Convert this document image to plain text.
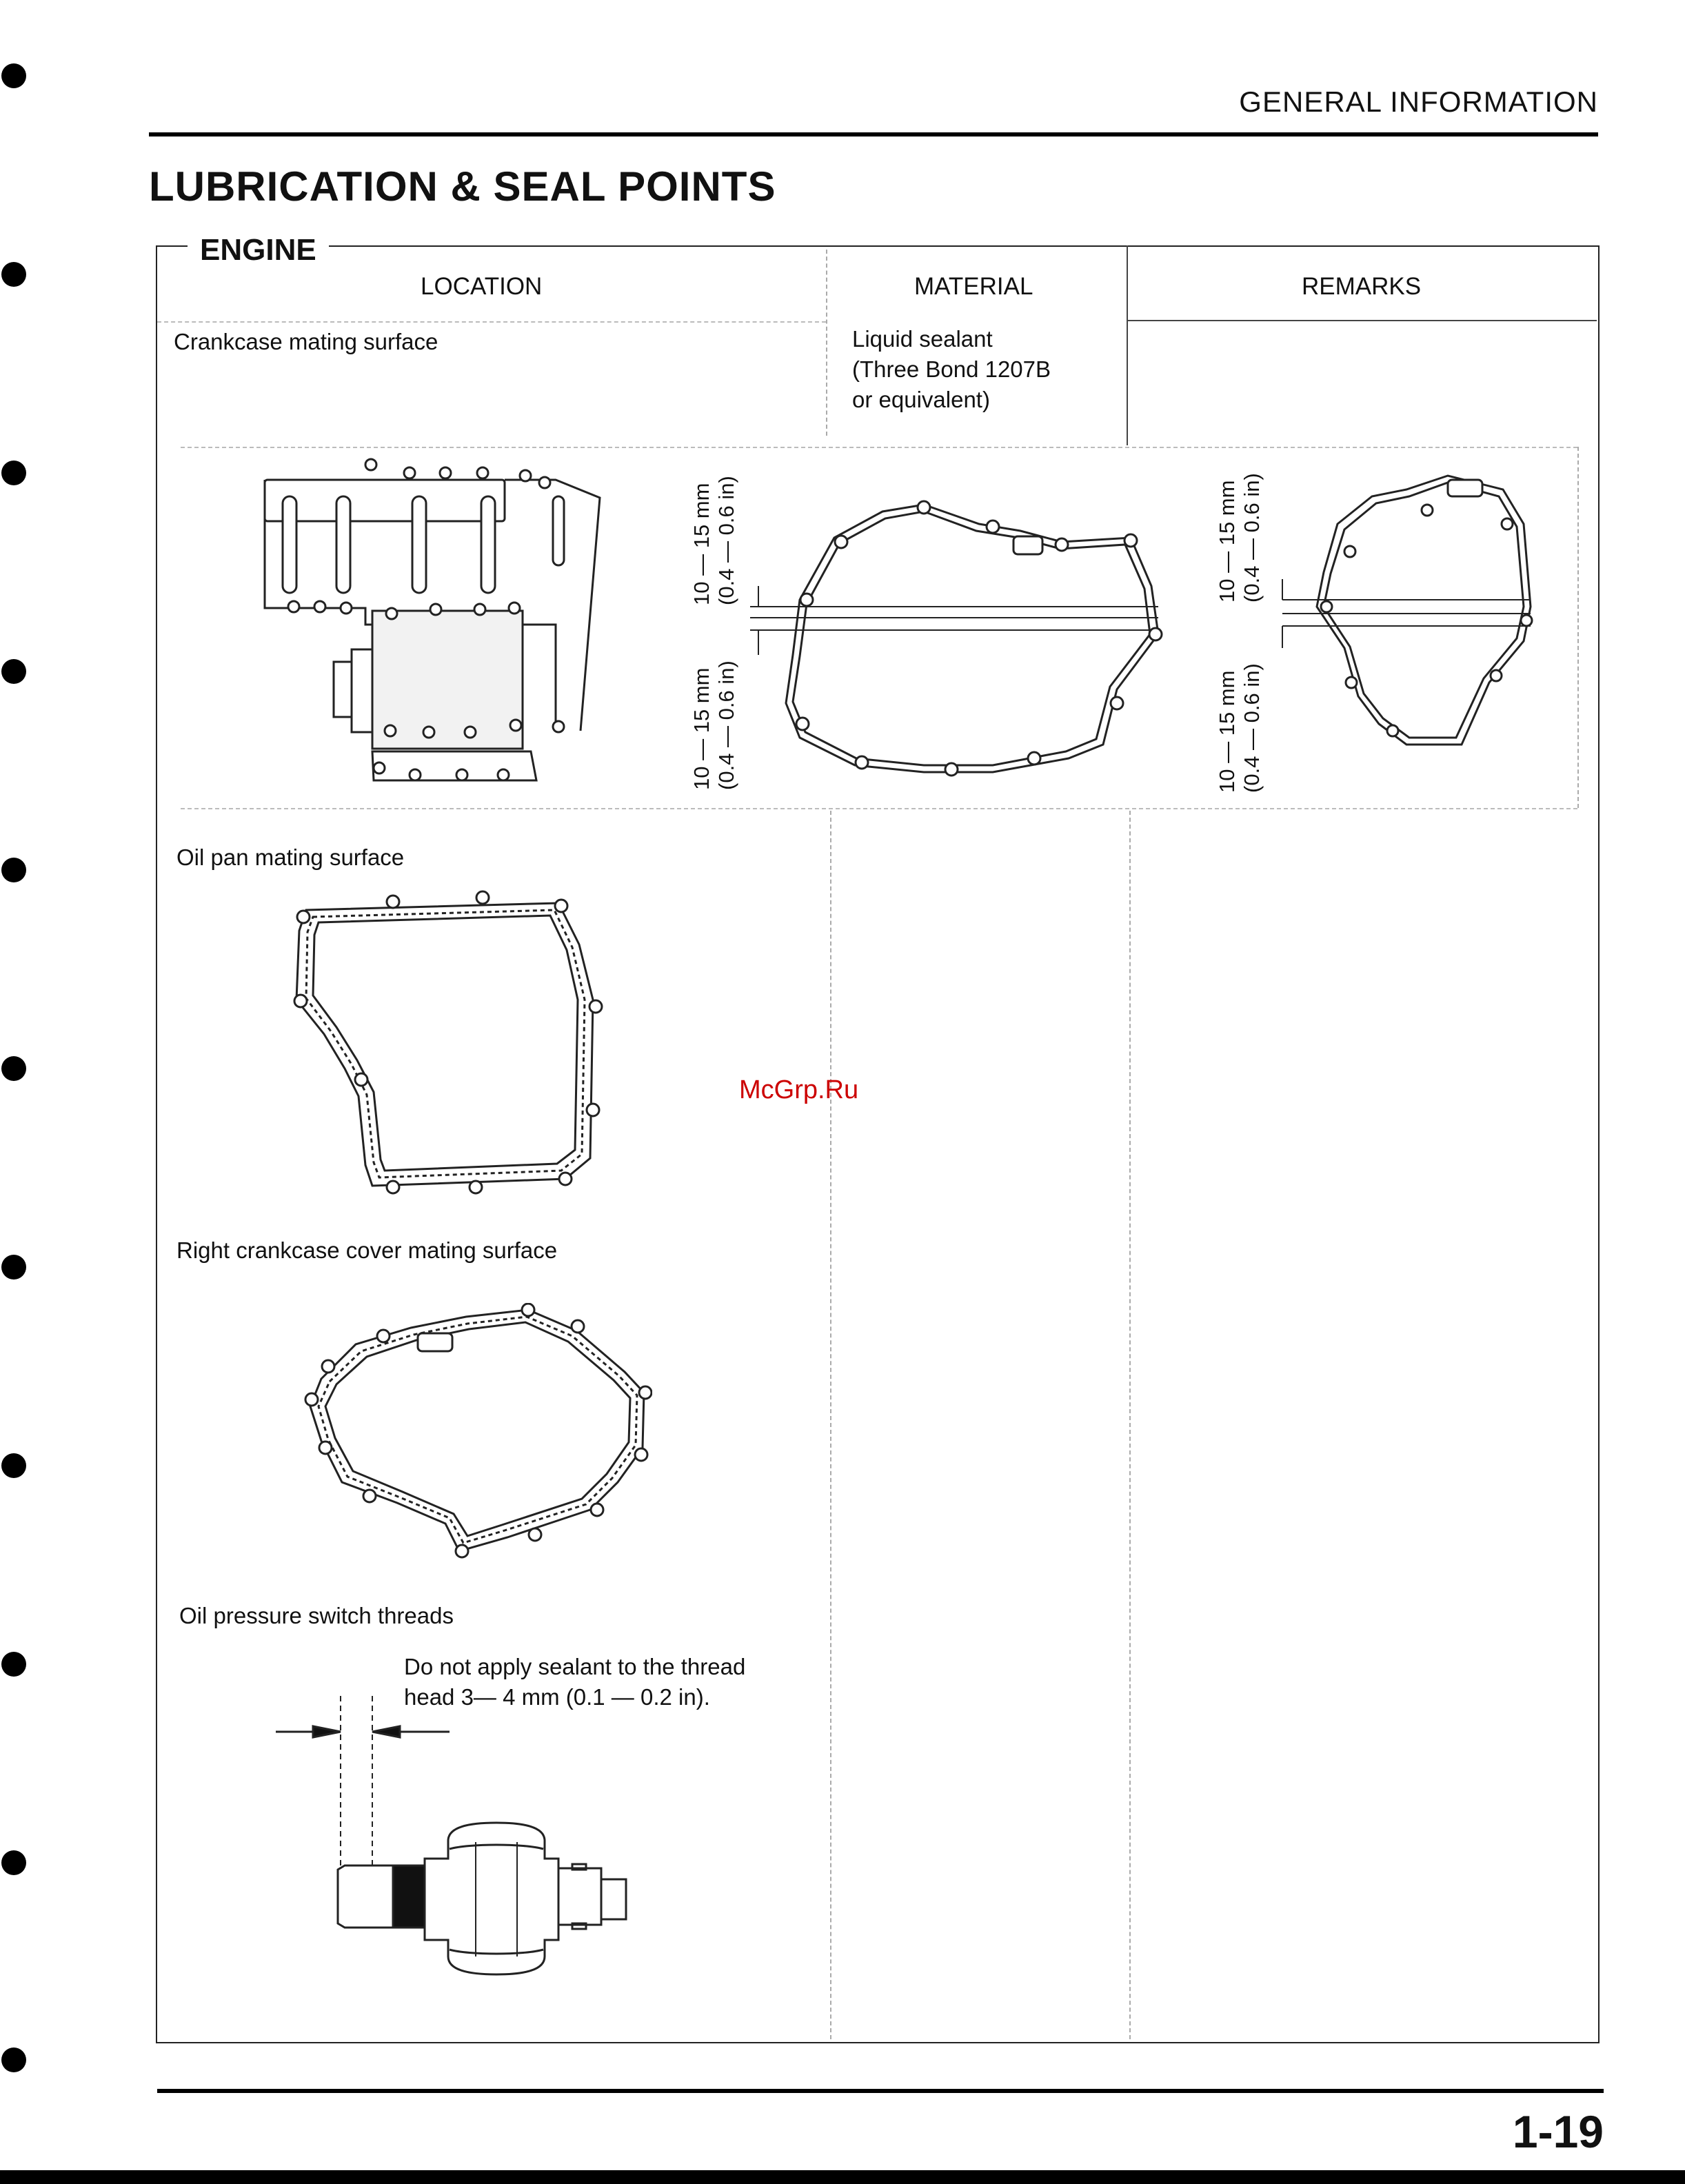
GENERAL INFORMATION
LUBRICATION & SEAL POINTS
ENGINE
LOCATION	MATERIAL	REMARKS
Crankcase mating surface	Liquid sealant
(Three Bond 1207B
or equivalent)
10 — 15 mm (0.4 — 0.6 in)
10 — 15 mm (0.4 — 0.6 in)
10 — 15 mm (0.4 — 0.6 in)
10 — 15 mm (0.4 — 0.6 in)
Oil pan mating surface
Right crankcase cover mating surface
Oil pressure switch threads
Do not apply sealant to the thread
head 3— 4 mm (0.1 — 0.2 in).
McGrp.Ru
1-19
